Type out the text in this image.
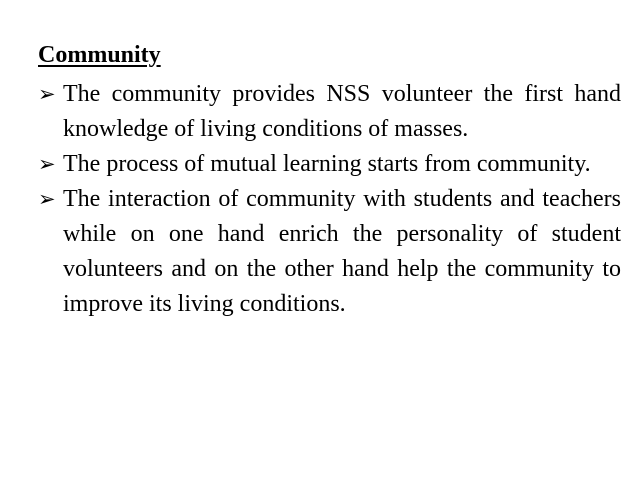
Community
➢ The community provides NSS volunteer the first hand knowledge of living conditions of masses.
➢ The process of mutual learning starts from community.
➢ The interaction of community with students and teachers while on one hand enrich the personality of student volunteers and on the other hand help the community to improve its living conditions.
